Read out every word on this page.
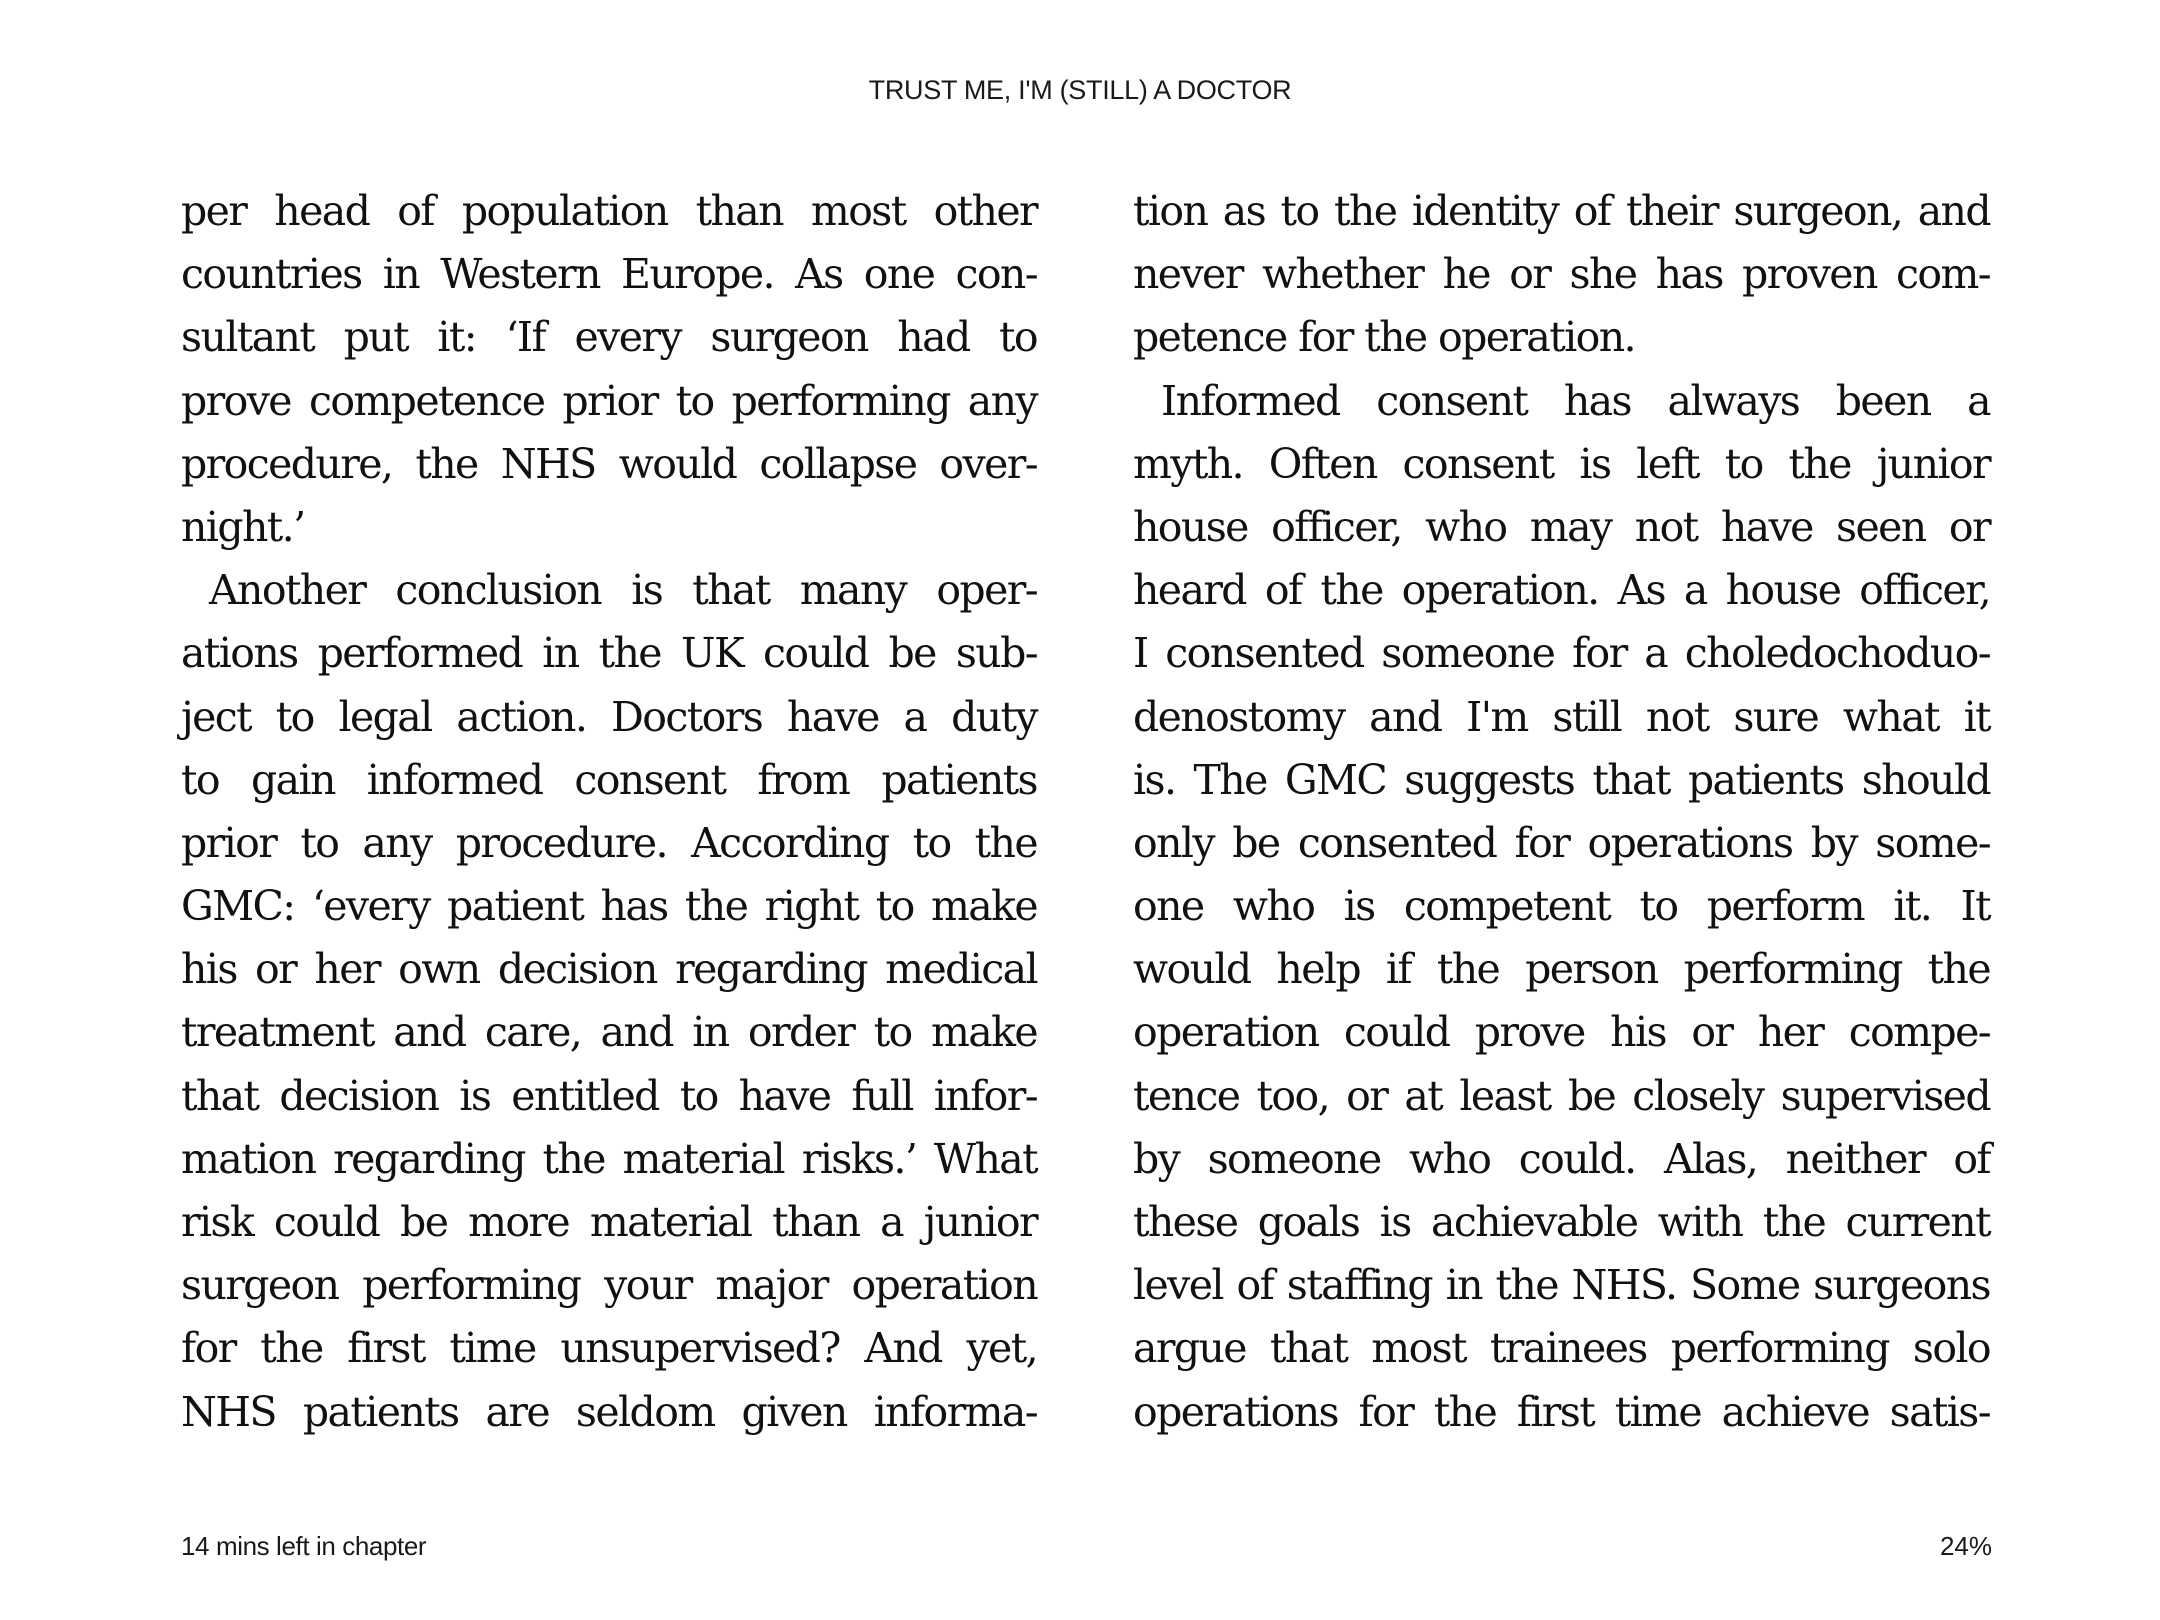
TRUST ME, I'M (STILL) A DOCTOR
per head of population than most other
countries in Western Europe. As one con-
sultant put it: ‘If every surgeon had to
prove competence prior to performing any
procedure, the NHS would collapse over-
night.’
Another conclusion is that many oper-
ations performed in the UK could be sub-
ject to legal action. Doctors have a duty
to gain informed consent from patients
prior to any procedure. According to the
GMC: ‘every patient has the right to make
his or her own decision regarding medical
treatment and care, and in order to make
that decision is entitled to have full infor-
mation regarding the material risks.’ What
risk could be more material than a junior
surgeon performing your major operation
for the first time unsupervised? And yet,
NHS patients are seldom given informa-
tion as to the identity of their surgeon, and
never whether he or she has proven com-
petence for the operation.
Informed consent has always been a
myth. Often consent is left to the junior
house officer, who may not have seen or
heard of the operation. As a house officer,
I consented someone for a choledochoduo-
denostomy and I'm still not sure what it
is. The GMC suggests that patients should
only be consented for operations by some-
one who is competent to perform it. It
would help if the person performing the
operation could prove his or her compe-
tence too, or at least be closely supervised
by someone who could. Alas, neither of
these goals is achievable with the current
level of staffing in the NHS. Some surgeons
argue that most trainees performing solo
operations for the first time achieve satis-
14 mins left in chapter	24%
